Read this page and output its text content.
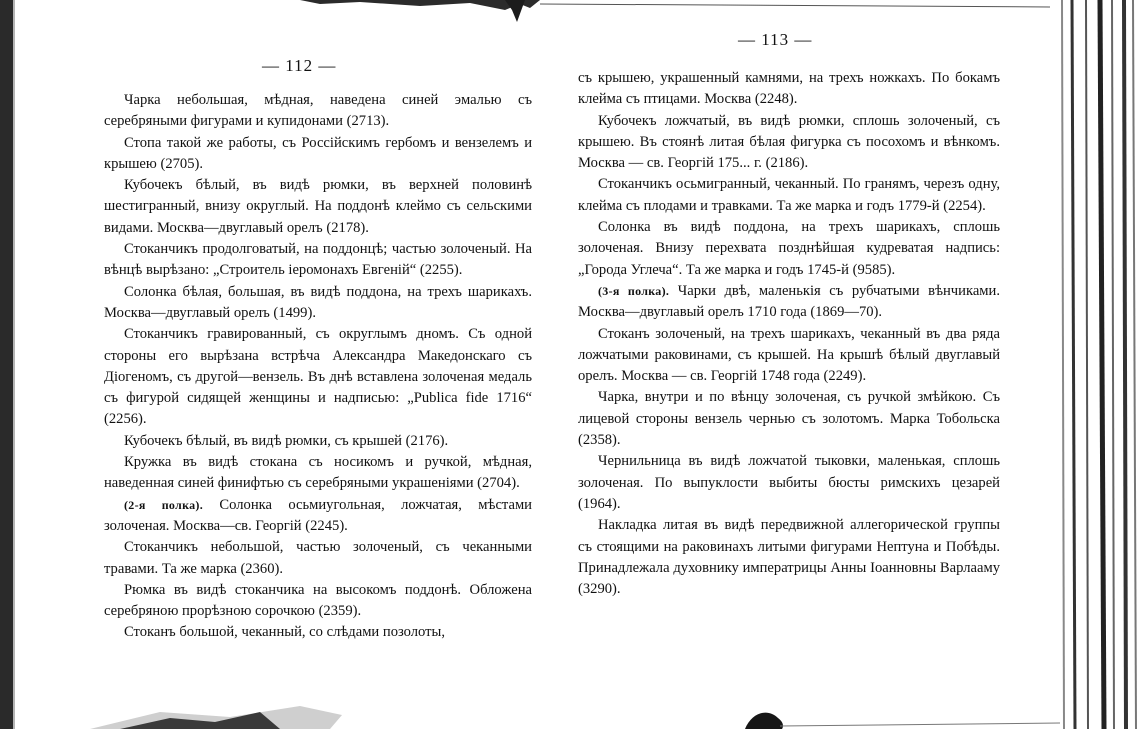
— 112 —

Чарка небольшая, мѣдная, наведена синей эмалью съ серебряными фигурами и купидонами (2713).

Стопа такой же работы, съ Россійскимъ гербомъ и вензелемъ и крышею (2705).

Кубочекъ бѣлый, въ видѣ рюмки, въ верхней половинѣ шестигранный, внизу округлый. На поддонѣ клеймо съ сельскими видами. Москва—двуглавый орелъ (2178).

Стоканчикъ продолговатый, на поддонцѣ; частью золоченый. На вѣнцѣ вырѣзано: „Строитель іеромонахъ Евгеній“ (2255).

Солонка бѣлая, большая, въ видѣ поддона, на трехъ шарикахъ. Москва—двуглавый орелъ (1499).

Стоканчикъ гравированный, съ округлымъ дномъ. Съ одной стороны его вырѣзана встрѣча Александра Македонскаго съ Діогеномъ, съ другой—вензель. Въ днѣ вставлена золоченая медаль съ фигурой сидящей женщины и надписью: „Publica fide 1716“ (2256).

Кубочекъ бѣлый, въ видѣ рюмки, съ крышей (2176).

Кружка въ видѣ стокана съ носикомъ и ручкой, мѣдная, наведенная синей финифтью съ серебряными украшеніями (2704).

(2-я полка). Солонка осьмиугольная, ложчатая, мѣстами золоченая. Москва—св. Георгій (2245).

Стоканчикъ небольшой, частью золоченый, съ чеканными травами. Та же марка (2360).

Рюмка въ видѣ стоканчика на высокомъ поддонѣ. Обложена серебряною прорѣзною сорочкою (2359).

Стоканъ большой, чеканный, со слѣдами позолоты,

— 113 —

съ крышею, украшенный камнями, на трехъ ножкахъ. По бокамъ клейма съ птицами. Москва (2248).

Кубочекъ ложчатый, въ видѣ рюмки, сплошь золоченый, съ крышею. Въ стоянѣ литая бѣлая фигурка съ посохомъ и вѣнкомъ. Москва — св. Георгій 175... г. (2186).

Стоканчикъ осьмигранный, чеканный. По гранямъ, черезъ одну, клейма съ плодами и травками. Та же марка и годъ 1779-й (2254).

Солонка въ видѣ поддона, на трехъ шарикахъ, сплошь золоченая. Внизу перехвата позднѣйшая кудреватая надпись: „Города Углеча“. Та же марка и годъ 1745-й (9585).

(3-я полка). Чарки двѣ, маленькія съ рубчатыми вѣнчиками. Москва—двуглавый орелъ 1710 года (1869—70).

Стоканъ золоченый, на трехъ шарикахъ, чеканный въ два ряда ложчатыми раковинами, съ крышей. На крышѣ бѣлый двуглавый орелъ. Москва — св. Георгій 1748 года (2249).

Чарка, внутри и по вѣнцу золоченая, съ ручкой змѣйкою. Съ лицевой стороны вензель чернью съ золотомъ. Марка Тобольска (2358).

Чернильница въ видѣ ложчатой тыковки, маленькая, сплошь золоченая. По выпуклости выбиты бюсты римскихъ цезарей (1964).

Накладка литая въ видѣ передвижной аллегорической группы съ стоящими на раковинахъ литыми фигурами Нептуна и Побѣды. Принадлежала духовнику императрицы Анны Іоанновны Варлааму (3290).
